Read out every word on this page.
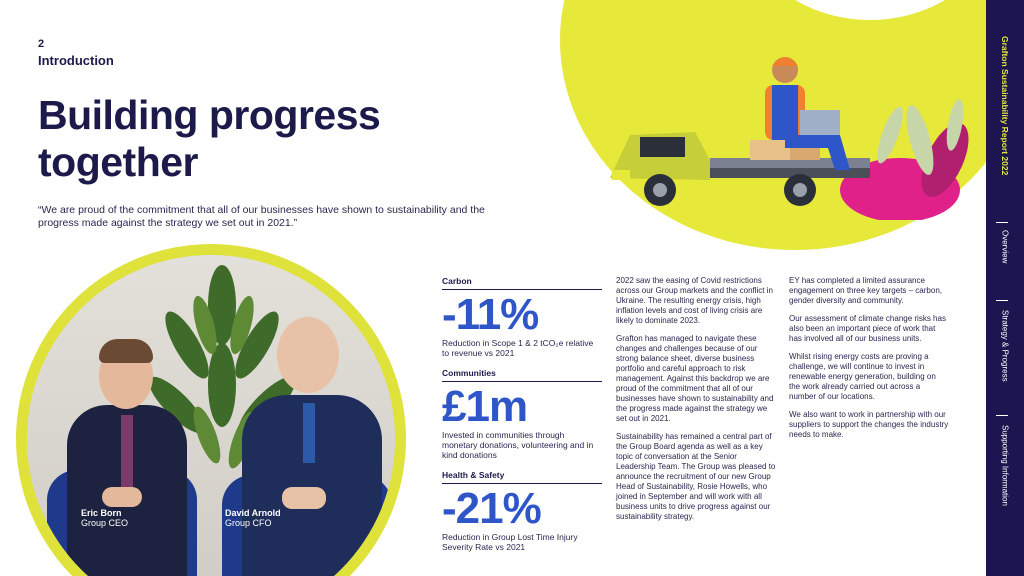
2
Introduction
Building progress together
“We are proud of the commitment that all of our businesses have shown to sustainability and the progress made against the strategy we set out in 2021.”
Eric Born
Group CEO
David Arnold
Group CFO
Carbon
-11%
Reduction in Scope 1 & 2 tCO₂e relative to revenue vs 2021
Communities
£1m
Invested in communities through monetary donations, volunteering and in kind donations
Health & Safety
-21%
Reduction in Group Lost Time Injury Severity Rate vs 2021

2022 saw the easing of Covid restrictions across our Group markets and the conflict in Ukraine. The resulting energy crisis, high inflation levels and cost of living crisis are likely to dominate 2023.

Grafton has managed to navigate these changes and challenges because of our strong balance sheet, diverse business portfolio and careful approach to risk management. Against this backdrop we are proud of the commitment that all of our businesses have shown to sustainability and the progress made against the strategy we set out in 2021.

Sustainability has remained a central part of the Group Board agenda as well as a key topic of conversation at the Senior Leadership Team. The Group was pleased to announce the recruitment of our new Group Head of Sustainability, Rosie Howells, who joined in September and will work with all business units to drive progress against our sustainability strategy.

EY has completed a limited assurance engagement on three key targets – carbon, gender diversity and community.

Our assessment of climate change risks has also been an important piece of work that has involved all of our business units.

Whilst rising energy costs are proving a challenge, we will continue to invest in renewable energy generation, building on the work already carried out across a number of our locations.

We also want to work in partnership with our suppliers to support the changes the industry needs to make.

Grafton Sustainability Report 2022
Overview
Strategy & Progress
Supporting Information
